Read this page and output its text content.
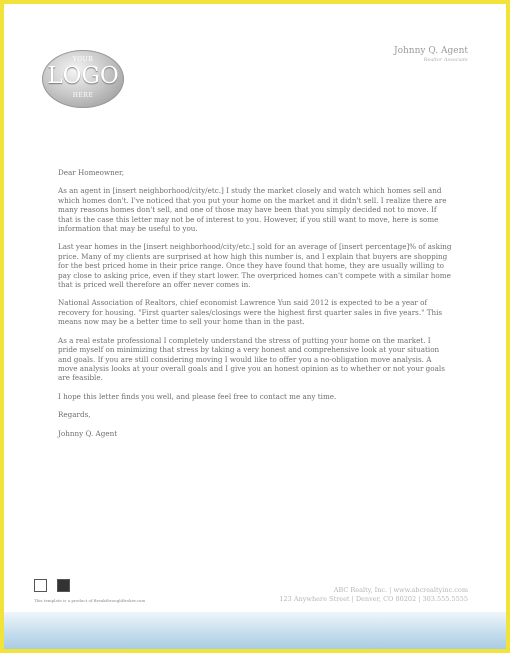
YOUR
LOGO
HERE
Johnny Q. Agent
Realtor Associate

Dear Homeowner,

As an agent in [insert neighborhood/city/etc.] I study the market closely and watch which homes sell and which homes don't. I've noticed that you put your home on the market and it didn't sell. I realize there are many reasons homes don't sell, and one of those may have been that you simply decided not to move. If that is the case this letter may not be of interest to you. However, if you still want to move, here is some information that may be useful to you.

Last year homes in the [insert neighborhood/city/etc.] sold for an average of [insert percentage]% of asking price. Many of my clients are surprised at how high this number is, and I explain that buyers are shopping for the best priced home in their price range. Once they have found that home, they are usually willing to pay close to asking price, even if they start lower. The overpriced homes can't compete with a similar home that is priced well therefore an offer never comes in.

National Association of Realtors, chief economist Lawrence Yun said 2012 is expected to be a year of recovery for housing. "First quarter sales/closings were the highest first quarter sales in five years." This means now may be a better time to sell your home than in the past.

As a real estate professional I completely understand the stress of putting your home on the market. I pride myself on minimizing that stress by taking a very honest and comprehensive look at your situation and goals. If you are still considering moving I would like to offer you a no-obligation move analysis. A move analysis looks at your overall goals and I give you an honest opinion as to whether or not your goals are feasible.

I hope this letter finds you well, and please feel free to contact me any time.

Regards,

Johnny Q. Agent

This template is a product of BreakthroughBroker.com
ABC Realty, Inc. | www.abcrealtyinc.com
123 Anywhere Street | Denver, CO 80202 | 303.555.5555
